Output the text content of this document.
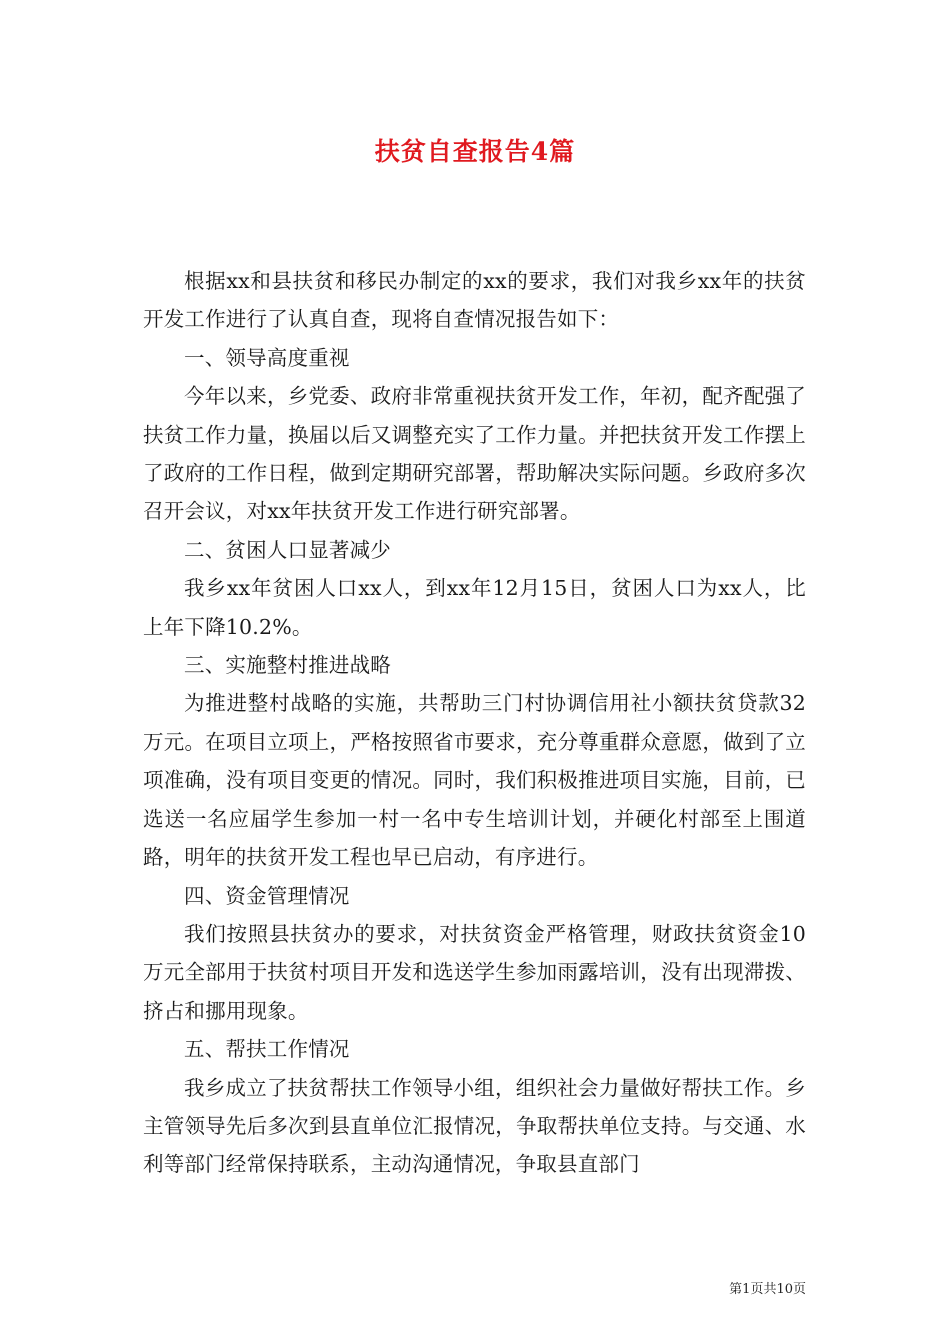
扶贫自查报告4篇

根据xx和县扶贫和移民办制定的xx的要求，我们对我乡xx年的扶贫开发工作进行了认真自查，现将自查情况报告如下：

一、领导高度重视

今年以来，乡党委、政府非常重视扶贫开发工作，年初，配齐配强了扶贫工作力量，换届以后又调整充实了工作力量。并把扶贫开发工作摆上了政府的工作日程，做到定期研究部署，帮助解决实际问题。乡政府多次召开会议，对xx年扶贫开发工作进行研究部署。

二、贫困人口显著减少

我乡xx年贫困人口xx人，到xx年12月15日，贫困人口为xx人，比上年下降10.2%。

三、实施整村推进战略

为推进整村战略的实施，共帮助三门村协调信用社小额扶贫贷款32万元。在项目立项上，严格按照省市要求，充分尊重群众意愿，做到了立项准确，没有项目变更的情况。同时，我们积极推进项目实施，目前，已选送一名应届学生参加一村一名中专生培训计划，并硬化村部至上围道路，明年的扶贫开发工程也早已启动，有序进行。

四、资金管理情况

我们按照县扶贫办的要求，对扶贫资金严格管理，财政扶贫资金10万元全部用于扶贫村项目开发和选送学生参加雨露培训，没有出现滞拨、挤占和挪用现象。

五、帮扶工作情况

我乡成立了扶贫帮扶工作领导小组，组织社会力量做好帮扶工作。乡主管领导先后多次到县直单位汇报情况，争取帮扶单位支持。与交通、水利等部门经常保持联系，主动沟通情况，争取县直部门

第1页共10页
